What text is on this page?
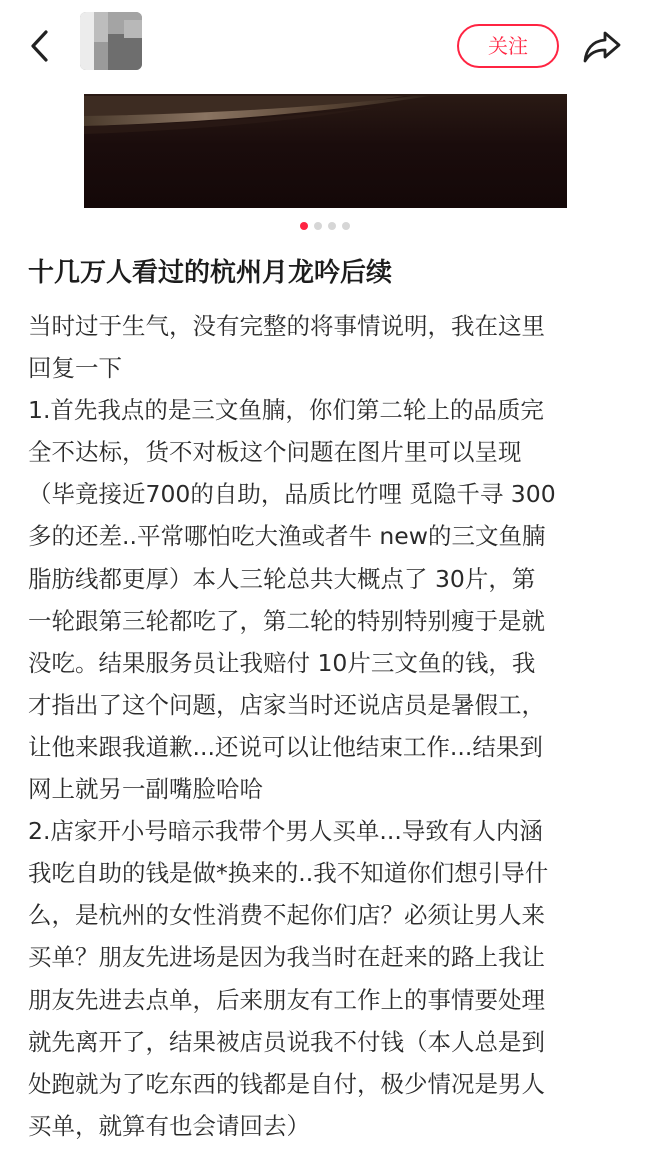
关注
十几万人看过的杭州月龙吟后续
当时过于生气，没有完整的将事情说明，我在这里
回复一下
1.首先我点的是三文鱼腩，你们第二轮上的品质完
全不达标，货不对板这个问题在图片里可以呈现
（毕竟接近700的自助，品质比竹哩 觅隐千寻 300
多的还差..平常哪怕吃大渔或者牛 new的三文鱼腩
脂肪线都更厚）本人三轮总共大概点了 30片，第
一轮跟第三轮都吃了，第二轮的特别特别瘦于是就
没吃。结果服务员让我赔付 10片三文鱼的钱，我
才指出了这个问题，店家当时还说店员是暑假工，
让他来跟我道歉...还说可以让他结束工作...结果到
网上就另一副嘴脸哈哈
2.店家开小号暗示我带个男人买单...导致有人内涵
我吃自助的钱是做*换来的..我不知道你们想引导什
么，是杭州的女性消费不起你们店？必须让男人来
买单？朋友先进场是因为我当时在赶来的路上我让
朋友先进去点单，后来朋友有工作上的事情要处理
就先离开了，结果被店员说我不付钱（本人总是到
处跑就为了吃东西的钱都是自付，极少情况是男人
买单，就算有也会请回去）
